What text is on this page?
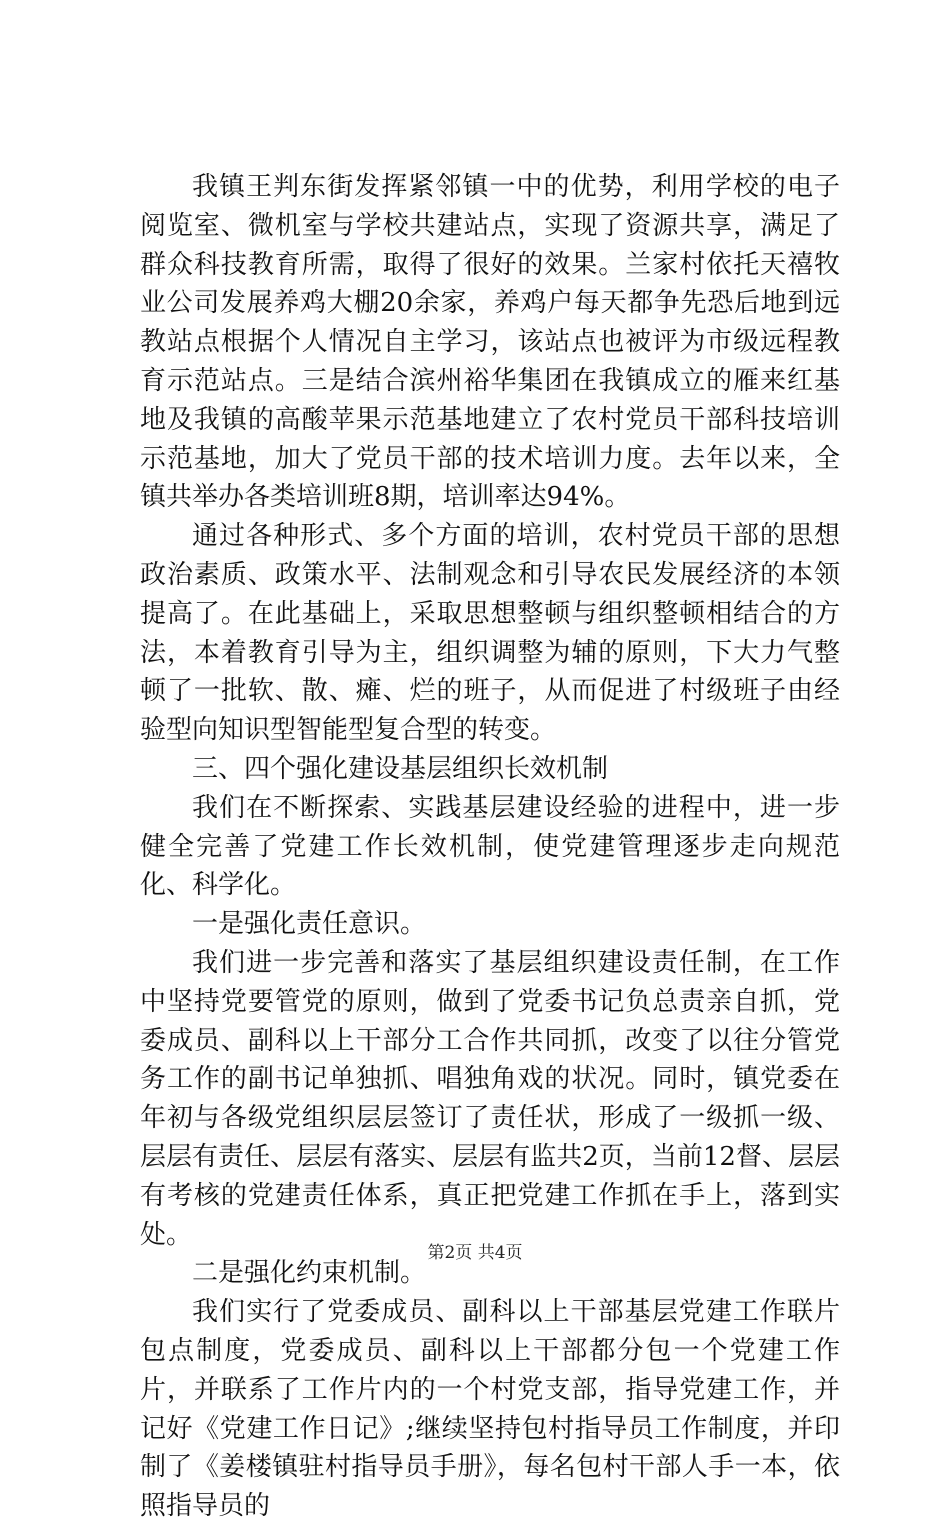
我镇王判东街发挥紧邻镇一中的优势，利用学校的电子阅览室、微机室与学校共建站点，实现了资源共享，满足了群众科技教育所需，取得了很好的效果。兰家村依托天禧牧业公司发展养鸡大棚20余家，养鸡户每天都争先恐后地到远教站点根据个人情况自主学习，该站点也被评为市级远程教育示范站点。三是结合滨州裕华集团在我镇成立的雁来红基地及我镇的高酸苹果示范基地建立了农村党员干部科技培训示范基地，加大了党员干部的技术培训力度。去年以来，全镇共举办各类培训班8期，培训率达94%。

通过各种形式、多个方面的培训，农村党员干部的思想政治素质、政策水平、法制观念和引导农民发展经济的本领提高了。在此基础上，采取思想整顿与组织整顿相结合的方法，本着教育引导为主，组织调整为辅的原则，下大力气整顿了一批软、散、瘫、烂的班子，从而促进了村级班子由经验型向知识型智能型复合型的转变。

三、四个强化建设基层组织长效机制

我们在不断探索、实践基层建设经验的进程中，进一步健全完善了党建工作长效机制，使党建管理逐步走向规范化、科学化。

一是强化责任意识。

我们进一步完善和落实了基层组织建设责任制，在工作中坚持党要管党的原则，做到了党委书记负总责亲自抓，党委成员、副科以上干部分工合作共同抓，改变了以往分管党务工作的副书记单独抓、唱独角戏的状况。同时，镇党委在年初与各级党组织层层签订了责任状，形成了一级抓一级、层层有责任、层层有落实、层层有监共2页，当前12督、层层有考核的党建责任体系，真正把党建工作抓在手上，落到实处。

二是强化约束机制。

我们实行了党委成员、副科以上干部基层党建工作联片包点制度，党委成员、副科以上干部都分包一个党建工作片，并联系了工作片内的一个村党支部，指导党建工作，并记好《党建工作日记》;继续坚持包村指导员工作制度，并印制了《姜楼镇驻村指导员手册》，每名包村干部人手一本，依照指导员的

第2页 共4页
